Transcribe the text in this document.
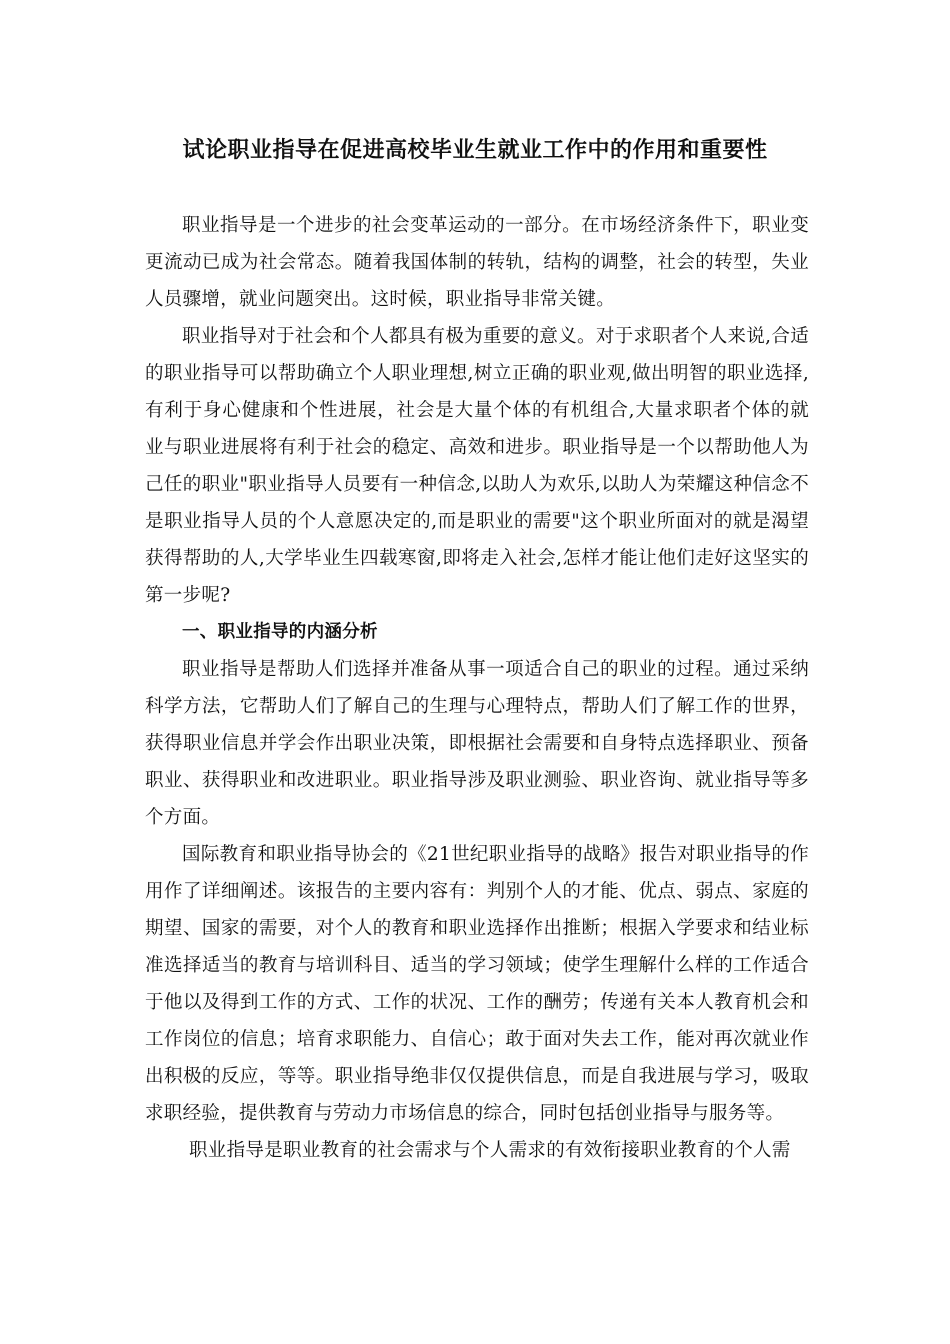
试论职业指导在促进高校毕业生就业工作中的作用和重要性

职业指导是一个进步的社会变革运动的一部分。在市场经济条件下，职业变更流动已成为社会常态。随着我国体制的转轨，结构的调整，社会的转型，失业人员骤增，就业问题突出。这时候，职业指导非常关键。

职业指导对于社会和个人都具有极为重要的意义。对于求职者个人来说,合适的职业指导可以帮助确立个人职业理想,树立正确的职业观,做出明智的职业选择,有利于身心健康和个性进展，社会是大量个体的有机组合,大量求职者个体的就业与职业进展将有利于社会的稳定、高效和进步。职业指导是一个以帮助他人为己任的职业"职业指导人员要有一种信念,以助人为欢乐,以助人为荣耀这种信念不是职业指导人员的个人意愿决定的,而是职业的需要"这个职业所面对的就是渴望获得帮助的人,大学毕业生四载寒窗,即将走入社会,怎样才能让他们走好这坚实的第一步呢?

一、职业指导的内涵分析

职业指导是帮助人们选择并准备从事一项适合自己的职业的过程。通过采纳科学方法，它帮助人们了解自己的生理与心理特点，帮助人们了解工作的世界，获得职业信息并学会作出职业决策，即根据社会需要和自身特点选择职业、预备职业、获得职业和改进职业。职业指导涉及职业测验、职业咨询、就业指导等多个方面。

国际教育和职业指导协会的《21世纪职业指导的战略》报告对职业指导的作用作了详细阐述。该报告的主要内容有：判别个人的才能、优点、弱点、家庭的期望、国家的需要，对个人的教育和职业选择作出推断；根据入学要求和结业标准选择适当的教育与培训科目、适当的学习领域；使学生理解什么样的工作适合于他以及得到工作的方式、工作的状况、工作的酬劳；传递有关本人教育机会和工作岗位的信息；培育求职能力、自信心；敢于面对失去工作，能对再次就业作出积极的反应，等等。职业指导绝非仅仅提供信息，而是自我进展与学习，吸取求职经验，提供教育与劳动力市场信息的综合，同时包括创业指导与服务等。

职业指导是职业教育的社会需求与个人需求的有效衔接职业教育的个人需
